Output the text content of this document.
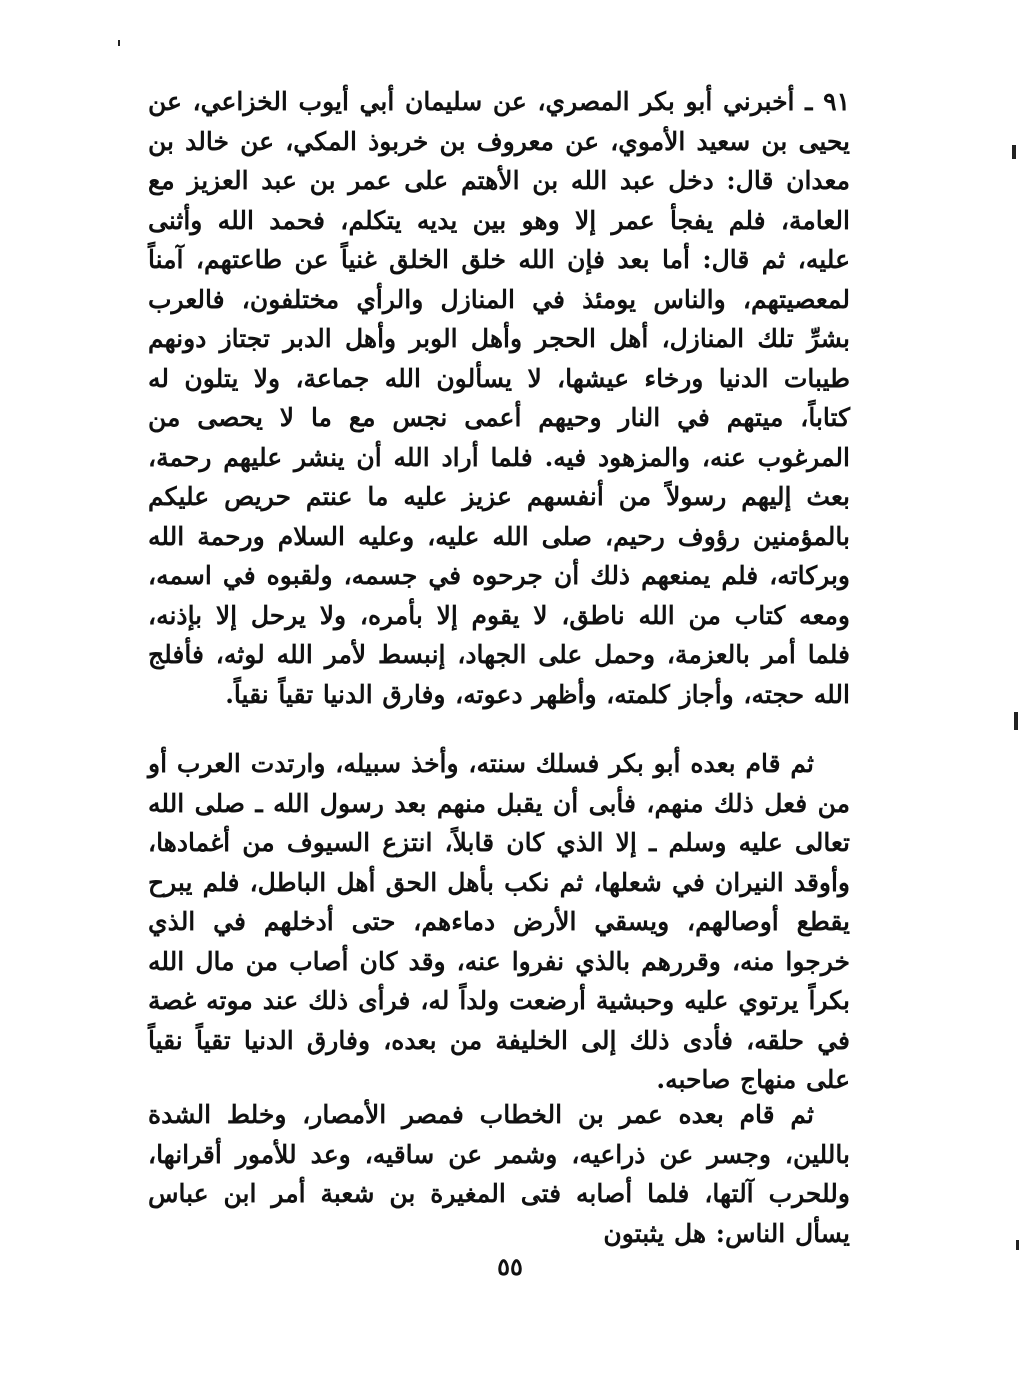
٩١ ـ أخبرني أبو بكر المصري، عن سليمان أبي أيوب الخزاعي، عن يحيى بن سعيد الأموي، عن معروف بن خربوذ المكي، عن خالد بن معدان قال: دخل عبد الله بن الأهتم على عمر بن عبد العزيز مع العامة، فلم يفجأ عمر إلا وهو بين يديه يتكلم، فحمد الله وأثنى عليه، ثم قال: أما بعد فإن الله خلق الخلق غنياً عن طاعتهم، آمناً لمعصيتهم، والناس يومئذ في المنازل والرأي مختلفون، فالعرب بشرِّ تلك المنازل، أهل الحجر وأهل الوبر وأهل الدبر تجتاز دونهم طيبات الدنيا ورخاء عيشها، لا يسألون الله جماعة، ولا يتلون له كتاباً، ميتهم في النار وحيهم أعمى نجس مع ما لا يحصى من المرغوب عنه، والمزهود فيه. فلما أراد الله أن ينشر عليهم رحمة، بعث إليهم رسولاً من أنفسهم عزيز عليه ما عنتم حريص عليكم بالمؤمنين رؤوف رحيم، صلى الله عليه، وعليه السلام ورحمة الله وبركاته، فلم يمنعهم ذلك أن جرحوه في جسمه، ولقبوه في اسمه، ومعه كتاب من الله ناطق، لا يقوم إلا بأمره، ولا يرحل إلا بإذنه، فلما أمر بالعزمة، وحمل على الجهاد، إنبسط لأمر الله لوثه، فأفلج الله حجته، وأجاز كلمته، وأظهر دعوته، وفارق الدنيا تقياً نقياً.

ثم قام بعده أبو بكر فسلك سنته، وأخذ سبيله، وارتدت العرب أو من فعل ذلك منهم، فأبى أن يقبل منهم بعد رسول الله ـ صلى الله تعالى عليه وسلم ـ إلا الذي كان قابلاً، انتزع السيوف من أغمادها، وأوقد النيران في شعلها، ثم نكب بأهل الحق أهل الباطل، فلم يبرح يقطع أوصالهم، ويسقي الأرض دماءهم، حتى أدخلهم في الذي خرجوا منه، وقررهم بالذي نفروا عنه، وقد كان أصاب من مال الله بكراً يرتوي عليه وحبشية أرضعت ولداً له، فرأى ذلك عند موته غصة في حلقه، فأدى ذلك إلى الخليفة من بعده، وفارق الدنيا تقياً نقياً على منهاج صاحبه.

ثم قام بعده عمر بن الخطاب فمصر الأمصار، وخلط الشدة باللين، وجسر عن ذراعيه، وشمر عن ساقيه، وعد للأمور أقرانها، وللحرب آلتها، فلما أصابه فتى المغيرة بن شعبة أمر ابن عباس يسأل الناس: هل يثبتون

٥٥
